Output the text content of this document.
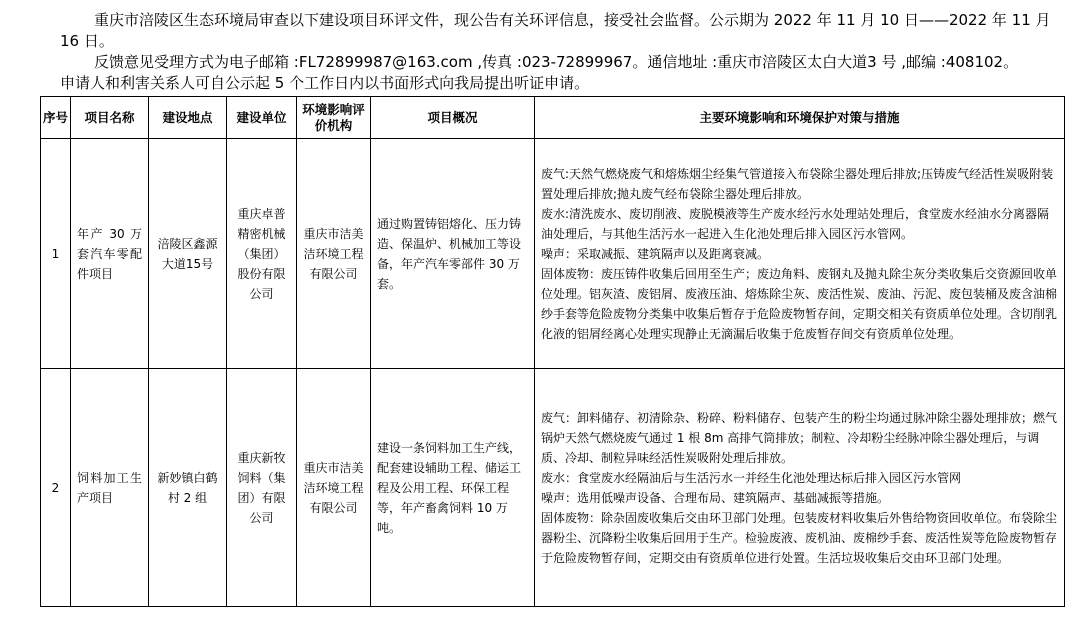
重庆市涪陵区生态环境局审查以下建设项目环评文件，现公告有关环评信息，接受社会监督。公示期为 2022 年 11 月 10 日——2022 年 11 月 16 日。

反馈意见受理方式为电子邮箱 :FL72899987@163.com ,传真 :023-72899967。通信地址 :重庆市涪陵区太白大道3 号 ,邮编 :408102。

申请人和利害关系人可自公示起 5 个工作日内以书面形式向我局提出听证申请。

序号	项目名称	建设地点	建设单位	环境影响评价机构	项目概况	主要环境影响和环境保护对策与措施
1	年产 30 万套汽车零配件项目	涪陵区鑫源大道15号	重庆卓普精密机械（集团）股份有限公司	重庆市洁美洁环境工程有限公司	通过购置铸铝熔化、压力铸造、保温炉、机械加工等设备，年产汽车零部件 30 万套。	废气:天然气燃烧废气和熔炼烟尘经集气管道接入布袋除尘器处理后排放;压铸废气经活性炭吸附装置处理后排放;抛丸废气经布袋除尘器处理后排放。

废水:清洗废水、废切削液、废脱模液等生产废水经污水处理站处理后，食堂废水经油水分离器隔油处理后，与其他生活污水一起进入生化池处理后排入园区污水管网。

噪声：采取减振、建筑隔声以及距离衰减。

固体废物：废压铸件收集后回用至生产；废边角料、废钢丸及抛丸除尘灰分类收集后交资源回收单位处理。铝灰渣、废铝屑、废液压油、熔炼除尘灰、废活性炭、废油、污泥、废包装桶及废含油棉纱手套等危险废物分类集中收集后暂存于危险废物暂存间，定期交相关有资质单位处理。含切削乳化液的铝屑经离心处理实现静止无滴漏后收集于危废暂存间交有资质单位处理。

2	饲料加工生产项目	新妙镇白鹤村 2 组	重庆新牧饲料（集团）有限公司	重庆市洁美洁环境工程有限公司	建设一条饲料加工生产线，配套建设辅助工程、储运工程及公用工程、环保工程等，年产畜禽饲料 10 万吨。	废气：卸料储存、初清除杂、粉碎、粉料储存、包装产生的粉尘均通过脉冲除尘器处理排放；燃气锅炉天然气燃烧废气通过 1 根 8m 高排气筒排放；制粒、冷却粉尘经脉冲除尘器处理后，与调质、冷却、制粒异味经活性炭吸附处理后排放。

废水：食堂废水经隔油后与生活污水一并经生化池处理达标后排入园区污水管网

噪声：选用低噪声设备、合理布局、建筑隔声、基础减振等措施。

固体废物：除杂固废收集后交由环卫部门处理。包装废材料收集后外售给物资回收单位。布袋除尘器粉尘、沉降粉尘收集后回用于生产。检验废液、废机油、废棉纱手套、废活性炭等危险废物暂存于危险废物暂存间，定期交由有资质单位进行处置。生活垃圾收集后交由环卫部门处理。
